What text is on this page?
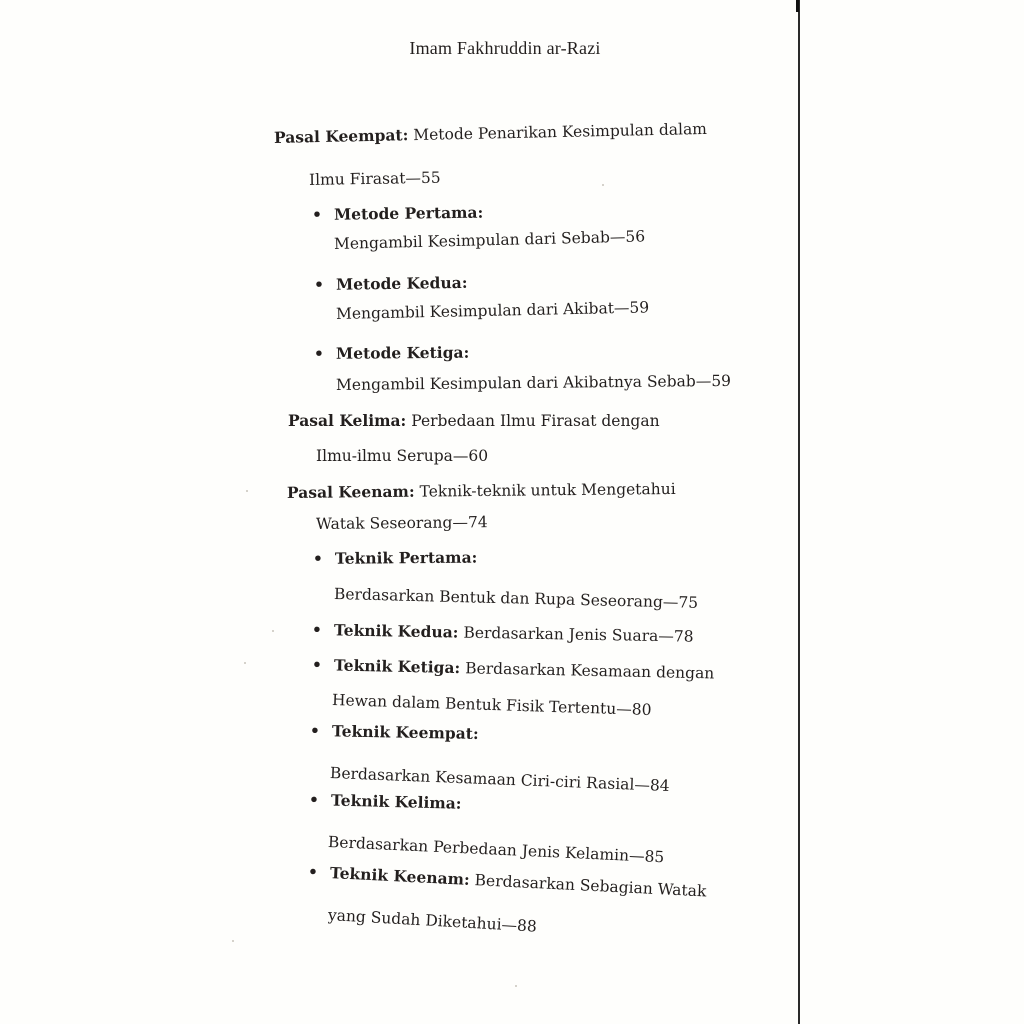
Imam Fakhruddin ar-Razi
Pasal Keempat: Metode Penarikan Kesimpulan dalam
Ilmu Firasat—55
• Metode Pertama:
Mengambil Kesimpulan dari Sebab—56
• Metode Kedua:
Mengambil Kesimpulan dari Akibat—59
• Metode Ketiga:
Mengambil Kesimpulan dari Akibatnya Sebab—59
Pasal Kelima: Perbedaan Ilmu Firasat dengan
Ilmu-ilmu Serupa—60
Pasal Keenam: Teknik-teknik untuk Mengetahui
Watak Seseorang—74
• Teknik Pertama:
Berdasarkan Bentuk dan Rupa Seseorang—75
• Teknik Kedua: Berdasarkan Jenis Suara—78
• Teknik Ketiga: Berdasarkan Kesamaan dengan
Hewan dalam Bentuk Fisik Tertentu—80
• Teknik Keempat:
Berdasarkan Kesamaan Ciri-ciri Rasial—84
• Teknik Kelima:
Berdasarkan Perbedaan Jenis Kelamin—85
• Teknik Keenam: Berdasarkan Sebagian Watak
yang Sudah Diketahui—88
